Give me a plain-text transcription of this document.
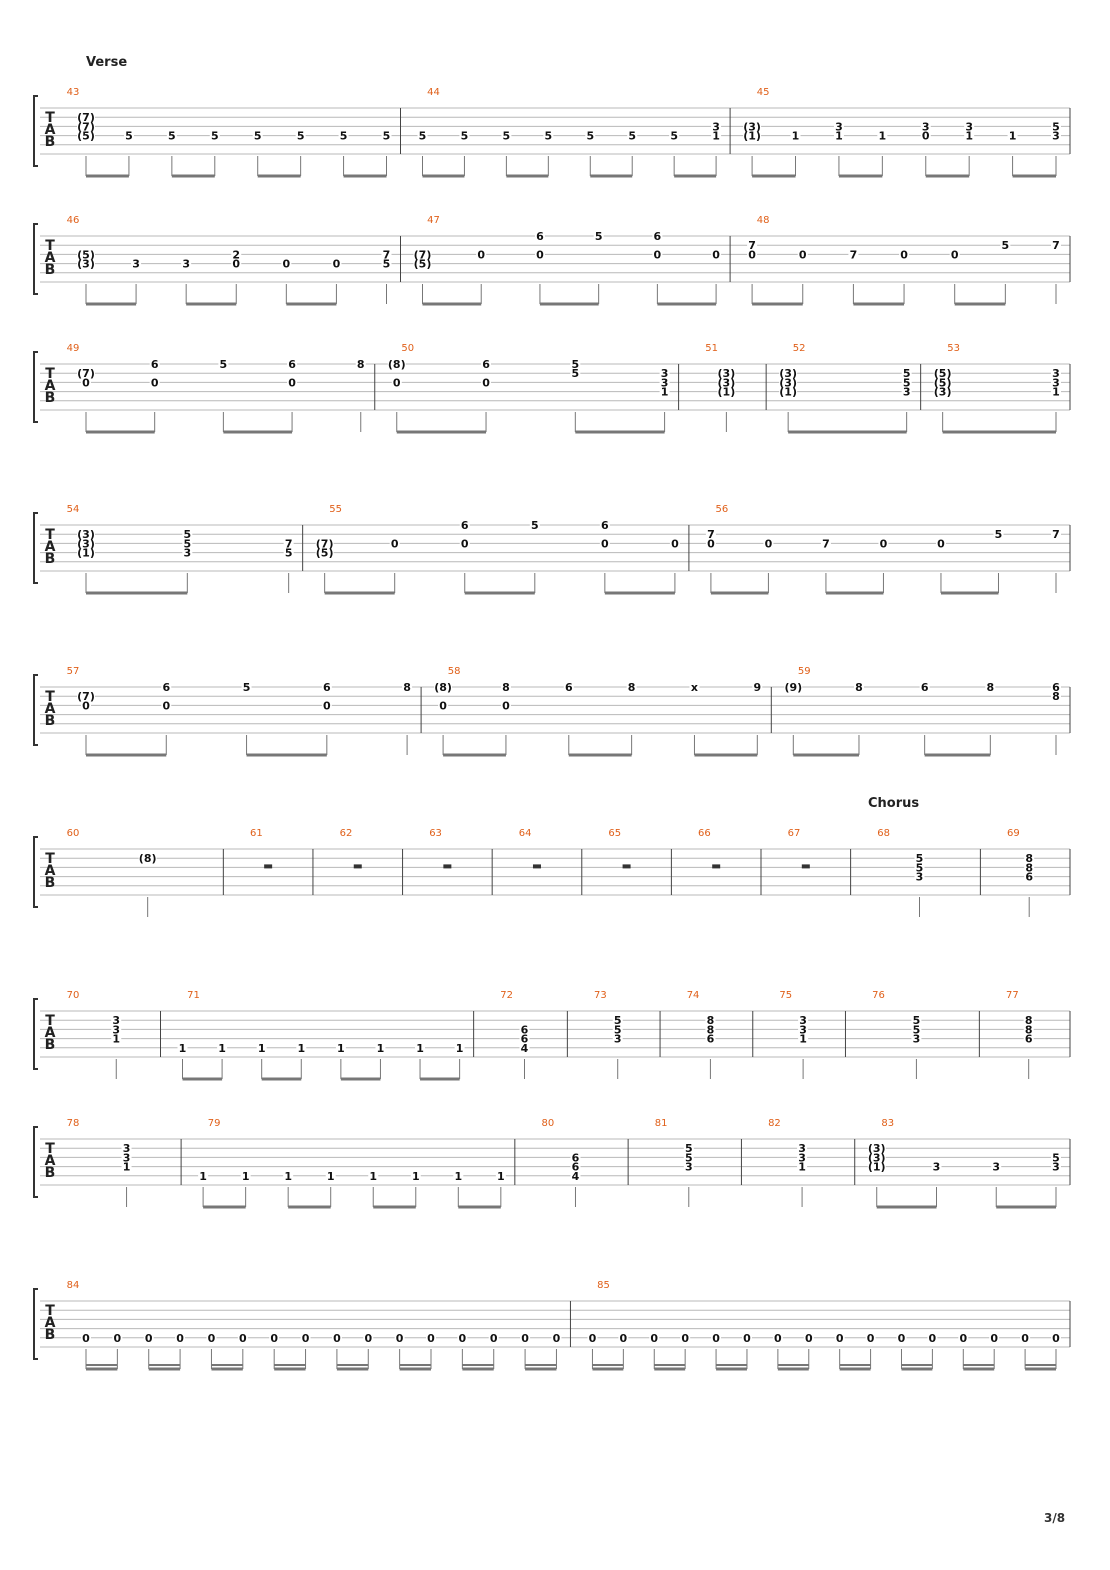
Verse
Chorus
T
A
B
43
(7)
(7)
(5)	5	5	5	5	5	5	5
44
5	5	5	5	5	5	5
3
1
45
(3)
(1)	1
3
1	1
3
0
3
1	1
5
3
T
A
B
46
(5)
(3)	3	3
2
0	0	0
7
5
47
(7)
(5)
0
6
0
5	6
0	0
48
7
0	0	7	0	0
5	7
T
A
B
49
(7)
0
6
0
5	6
0
8
50
(8)
0
6
0
5
5	3
3
1
51
(3)
(3)
(1)
52
(3)
(3)
(1)
5
5
3
53
(5)
(5)
(3)
3
3
1
T
A
B
54
(3)
(3)
(1)
5
5
3
7
5
55
(7)
(5)
0
6
0
5	6
0	0
56
7
0	0	7	0	0
5	7
T
A
B
57
(7)
0
6
0
5	6
0
8
58
(8)
0
8
0
6	8	x	9
59
(9)	8	6	8	6
8
T
A
B
60
(8)
61	62	63	64	65	66	67	68
5
5
3
69
8
8
6
T
A
B
70
3
3
1
71
1	1	1	1	1	1	1	1
72
6
6
4
73
5
5
3
74
8
8
6
75
3
3
1
76
5
5
3
77
8
8
6
T
A
B
78
3
3
1
79
1	1	1	1	1	1	1	1
80
6
6
4
81
5
5
3
82
3
3
1
83
(3)
(3)
(1)	3	3
5
3
T
A
B
84
0 0 0 0 0 0 0 0 0 0 0 0 0 0 0 0
85
0 0 0 0 0 0 0 0 0 0 0 0 0 0 0 0
3/8
